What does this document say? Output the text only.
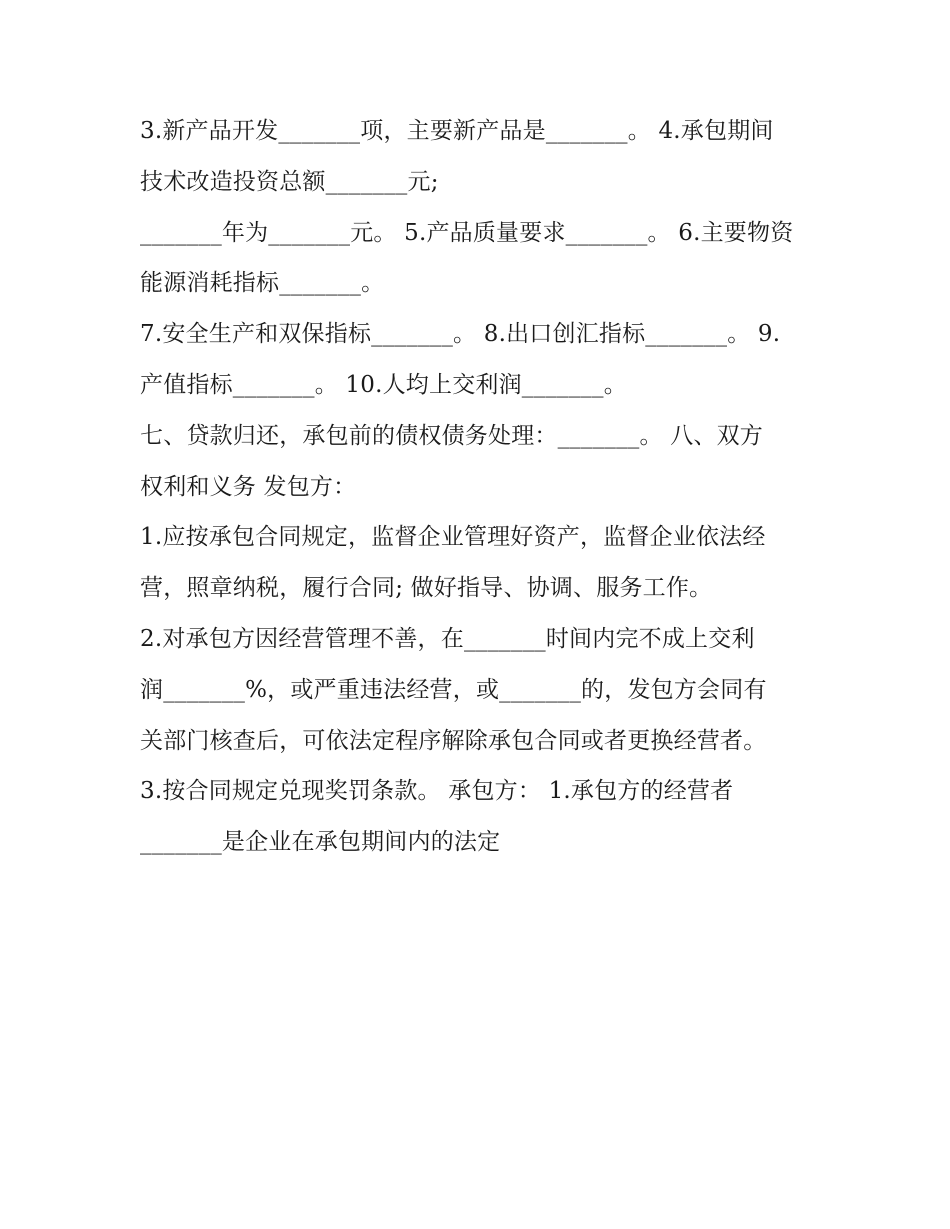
3.新产品开发_______项，主要新产品是_______。 4.承包期间
技术改造投资总额_______元;
_______年为_______元。 5.产品质量要求_______。 6.主要物资
能源消耗指标_______。
7.安全生产和双保指标_______。 8.出口创汇指标_______。 9.
产值指标_______。 10.人均上交利润_______。
七、贷款归还，承包前的债权债务处理：_______。 八、双方
权利和义务 发包方：
1.应按承包合同规定，监督企业管理好资产，监督企业依法经
营，照章纳税，履行合同; 做好指导、协调、服务工作。
2.对承包方因经营管理不善，在_______时间内完不成上交利
润_______%，或严重违法经营，或_______的，发包方会同有
关部门核查后，可依法定程序解除承包合同或者更换经营者。
3.按合同规定兑现奖罚条款。 承包方： 1.承包方的经营者
_______是企业在承包期间内的法定
